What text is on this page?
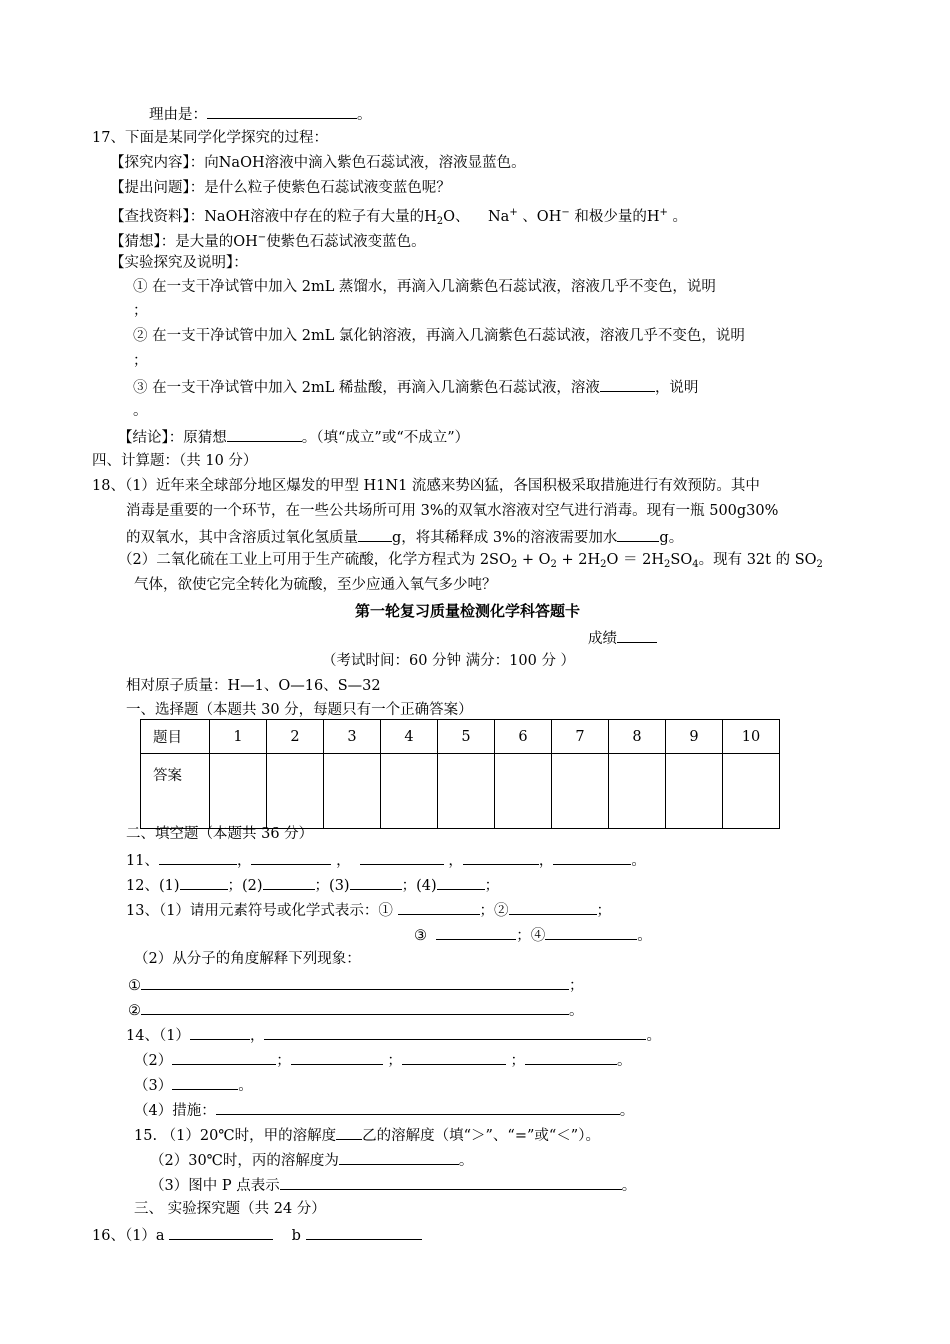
理由是：	。
17、下面是某同学化学探究的过程：
【探究内容】：向NaOH溶液中滴入紫色石蕊试液，溶液显蓝色。
【提出问题】：是什么粒子使紫色石蕊试液变蓝色呢？
【查找资料】：NaOH溶液中存在的粒子有大量的$H_2O$、 Na+ 、OH− 和极少量的H+ 。
【猜想】：是大量的OH−使紫色石蕊试液变蓝色。
【实验探究及说明】：
① 在一支干净试管中加入 2mL 蒸馏水，再滴入几滴紫色石蕊试液，溶液几乎不变色，说明
；
② 在一支干净试管中加入 2mL 氯化钠溶液，再滴入几滴紫色石蕊试液，溶液几乎不变色，说明
；
③ 在一支干净试管中加入 2mL 稀盐酸，再滴入几滴紫色石蕊试液，溶液	，说明
。
【结论】：原猜想	。（填“成立”或“不成立”）
四、计算题：（共 10 分）
18、（1）近年来全球部分地区爆发的甲型 H1N1 流感来势凶猛，各国积极采取措施进行有效预防。其中
消毒是重要的一个环节，在一些公共场所可用 3%的双氧水溶液对空气进行消毒。现有一瓶 500g30%
的双氧水，其中含溶质过氧化氢质量 g，将其稀释成 3%的溶液需要加水	g。
（2）二氧化硫在工业上可用于生产硫酸，化学方程式为 $2SO_2 + O_2 + 2H_2O = 2H_2SO_4$。现有 32t 的 $SO_2$
气体，欲使它完全转化为硫酸，至少应通入氧气多少吨？
第一轮复习质量检测化学科答题卡
成绩
（考试时间：60 分钟 满分：100 分 ）
相对原子质量：H—1、O—16、S—32
一、选择题（本题共 30 分，每题只有一个正确答案）
题目	1	2	3	4	5	6	7	8	9	10
答案										
二、填空题（本题共 36 分）
11、	，	，	，	，	。
12、(1)	；(2)	；(3)	；(4)	；
13、（1）请用元素符号或化学式表示：①	；②	；
③	；④	。
（2）从分子的角度解释下列现象：
①	；
②	。
14、（1）	，	。
（2）	；	；	；	。
（3）	。
（4）措施：	。
15. （1）20℃时，甲的溶解度 乙的溶解度（填“＞”、“=”或“＜”）。
（2）30℃时，丙的溶解度为	。
（3）图中 P 点表示	。
三、 实验探究题（共 24 分）
16、（1）a	b
